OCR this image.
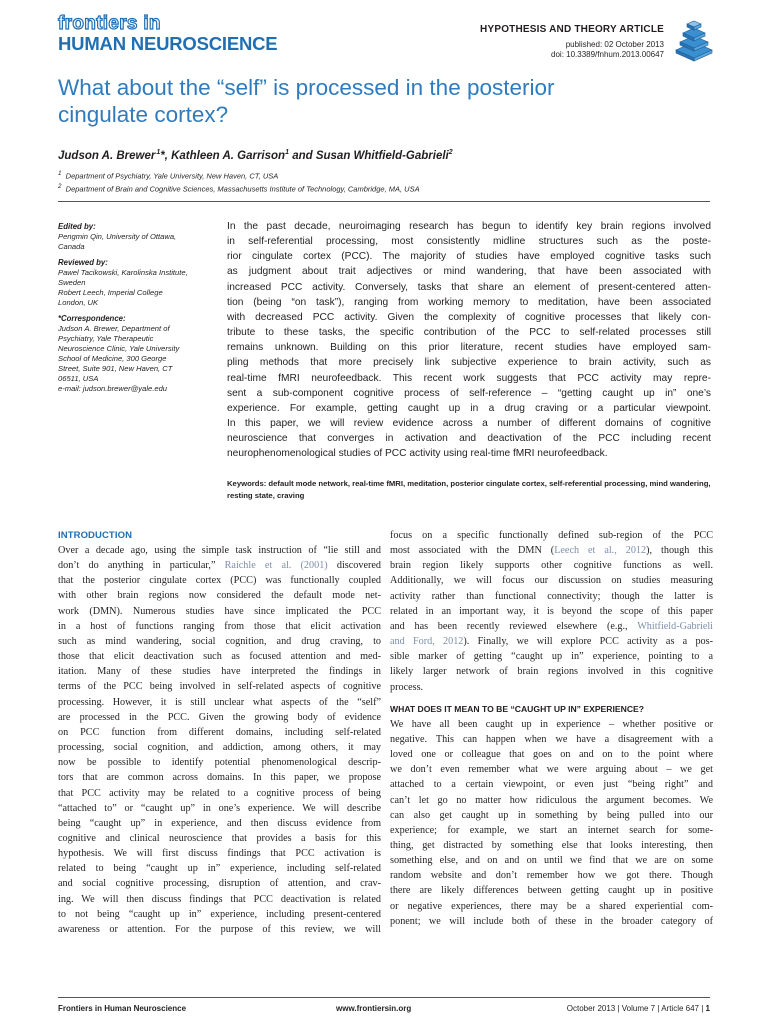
frontiers in
HUMAN NEUROSCIENCE
HYPOTHESIS AND THEORY ARTICLE
published: 02 October 2013
doi: 10.3389/fnhum.2013.00647
What about the “self” is processed in the posterior
cingulate cortex?
Judson A. Brewer $^1$*, Kathleen A. Garrison$^1$ and Susan Whitfield-Gabrieli$^2$
$^1$ Department of Psychiatry, Yale University, New Haven, CT, USA
$^2$ Department of Brain and Cognitive Sciences, Massachusetts Institute of Technology, Cambridge, MA, USA
Edited by:
Pengmin Qin, University of Ottawa,
Canada
Reviewed by:
Pawel Tacikowski, Karolinska Institute,
Sweden
Robert Leech, Imperial College
London, UK
*Correspondence:
Judson A. Brewer, Department of
Psychiatry, Yale Therapeutic
Neuroscience Clinic, Yale University
School of Medicine, 300 George
Street, Suite 901, New Haven, CT
06511, USA
e-mail: judson.brewer@yale.edu
In the past decade, neuroimaging research has begun to identify key brain regions involved
in self-referential processing, most consistently midline structures such as the poste-
rior cingulate cortex (PCC). The majority of studies have employed cognitive tasks such
as judgment about trait adjectives or mind wandering, that have been associated with
increased PCC activity. Conversely, tasks that share an element of present-centered atten-
tion (being “on task”), ranging from working memory to meditation, have been associated
with decreased PCC activity. Given the complexity of cognitive processes that likely con-
tribute to these tasks, the specific contribution of the PCC to self-related processes still
remains unknown. Building on this prior literature, recent studies have employed sam-
pling methods that more precisely link subjective experience to brain activity, such as
real-time fMRI neurofeedback. This recent work suggests that PCC activity may repre-
sent a sub-component cognitive process of self-reference – “getting caught up in” one’s
experience. For example, getting caught up in a drug craving or a particular viewpoint.
In this paper, we will review evidence across a number of different domains of cognitive
neuroscience that converges in activation and deactivation of the PCC including recent
neurophenomenological studies of PCC activity using real-time fMRI neurofeedback.
Keywords: default mode network, real-time fMRI, meditation, posterior cingulate cortex, self-referential processing, mind wandering, resting state, craving
INTRODUCTION
Over a decade ago, using the simple task instruction of “lie still and
don’t do anything in particular,” Raichle et al. (2001) discovered
that the posterior cingulate cortex (PCC) was functionally coupled
with other brain regions now considered the default mode net-
work (DMN). Numerous studies have since implicated the PCC
in a host of functions ranging from those that elicit activation
such as mind wandering, social cognition, and drug craving, to
those that elicit deactivation such as focused attention and med-
itation. Many of these studies have interpreted the findings in
terms of the PCC being involved in self-related aspects of cognitive
processing. However, it is still unclear what aspects of the “self”
are processed in the PCC. Given the growing body of evidence
on PCC function from different domains, including self-related
processing, social cognition, and addiction, among others, it may
now be possible to identify potential phenomenological descrip-
tors that are common across domains. In this paper, we propose
that PCC activity may be related to a cognitive process of being
“attached to” or “caught up” in one’s experience. We will describe
being “caught up” in experience, and then discuss evidence from
cognitive and clinical neuroscience that provides a basis for this
hypothesis. We will first discuss findings that PCC activation is
related to being “caught up in” experience, including self-related
and social cognitive processing, disruption of attention, and crav-
ing. We will then discuss findings that PCC deactivation is related
to not being “caught up in” experience, including present-centered
awareness or attention. For the purpose of this review, we will
focus on a specific functionally defined sub-region of the PCC
most associated with the DMN (Leech et al., 2012), though this
brain region likely supports other cognitive functions as well.
Additionally, we will focus our discussion on studies measuring
activity rather than functional connectivity; though the latter is
related in an important way, it is beyond the scope of this paper
and has been recently reviewed elsewhere (e.g., Whitfield-Gabrieli
and Ford, 2012). Finally, we will explore PCC activity as a pos-
sible marker of getting “caught up in” experience, pointing to a
likely larger network of brain regions involved in this cognitive
process.
WHAT DOES IT MEAN TO BE “CAUGHT UP IN” EXPERIENCE?
We have all been caught up in experience – whether positive or
negative. This can happen when we have a disagreement with a
loved one or colleague that goes on and on to the point where
we don’t even remember what we were arguing about – we get
attached to a certain viewpoint, or even just “being right” and
can’t let go no matter how ridiculous the argument becomes. We
can also get caught up in something by being pulled into our
experience; for example, we start an internet search for some-
thing, get distracted by something else that looks interesting, then
something else, and on and on until we find that we are on some
random website and don’t remember how we got there. Though
there are likely differences between getting caught up in positive
or negative experiences, there may be a shared experiential com-
ponent; we will include both of these in the broader category of
Frontiers in Human Neuroscience	www.frontiersin.org	October 2013 | Volume 7 | Article 647 | 1
